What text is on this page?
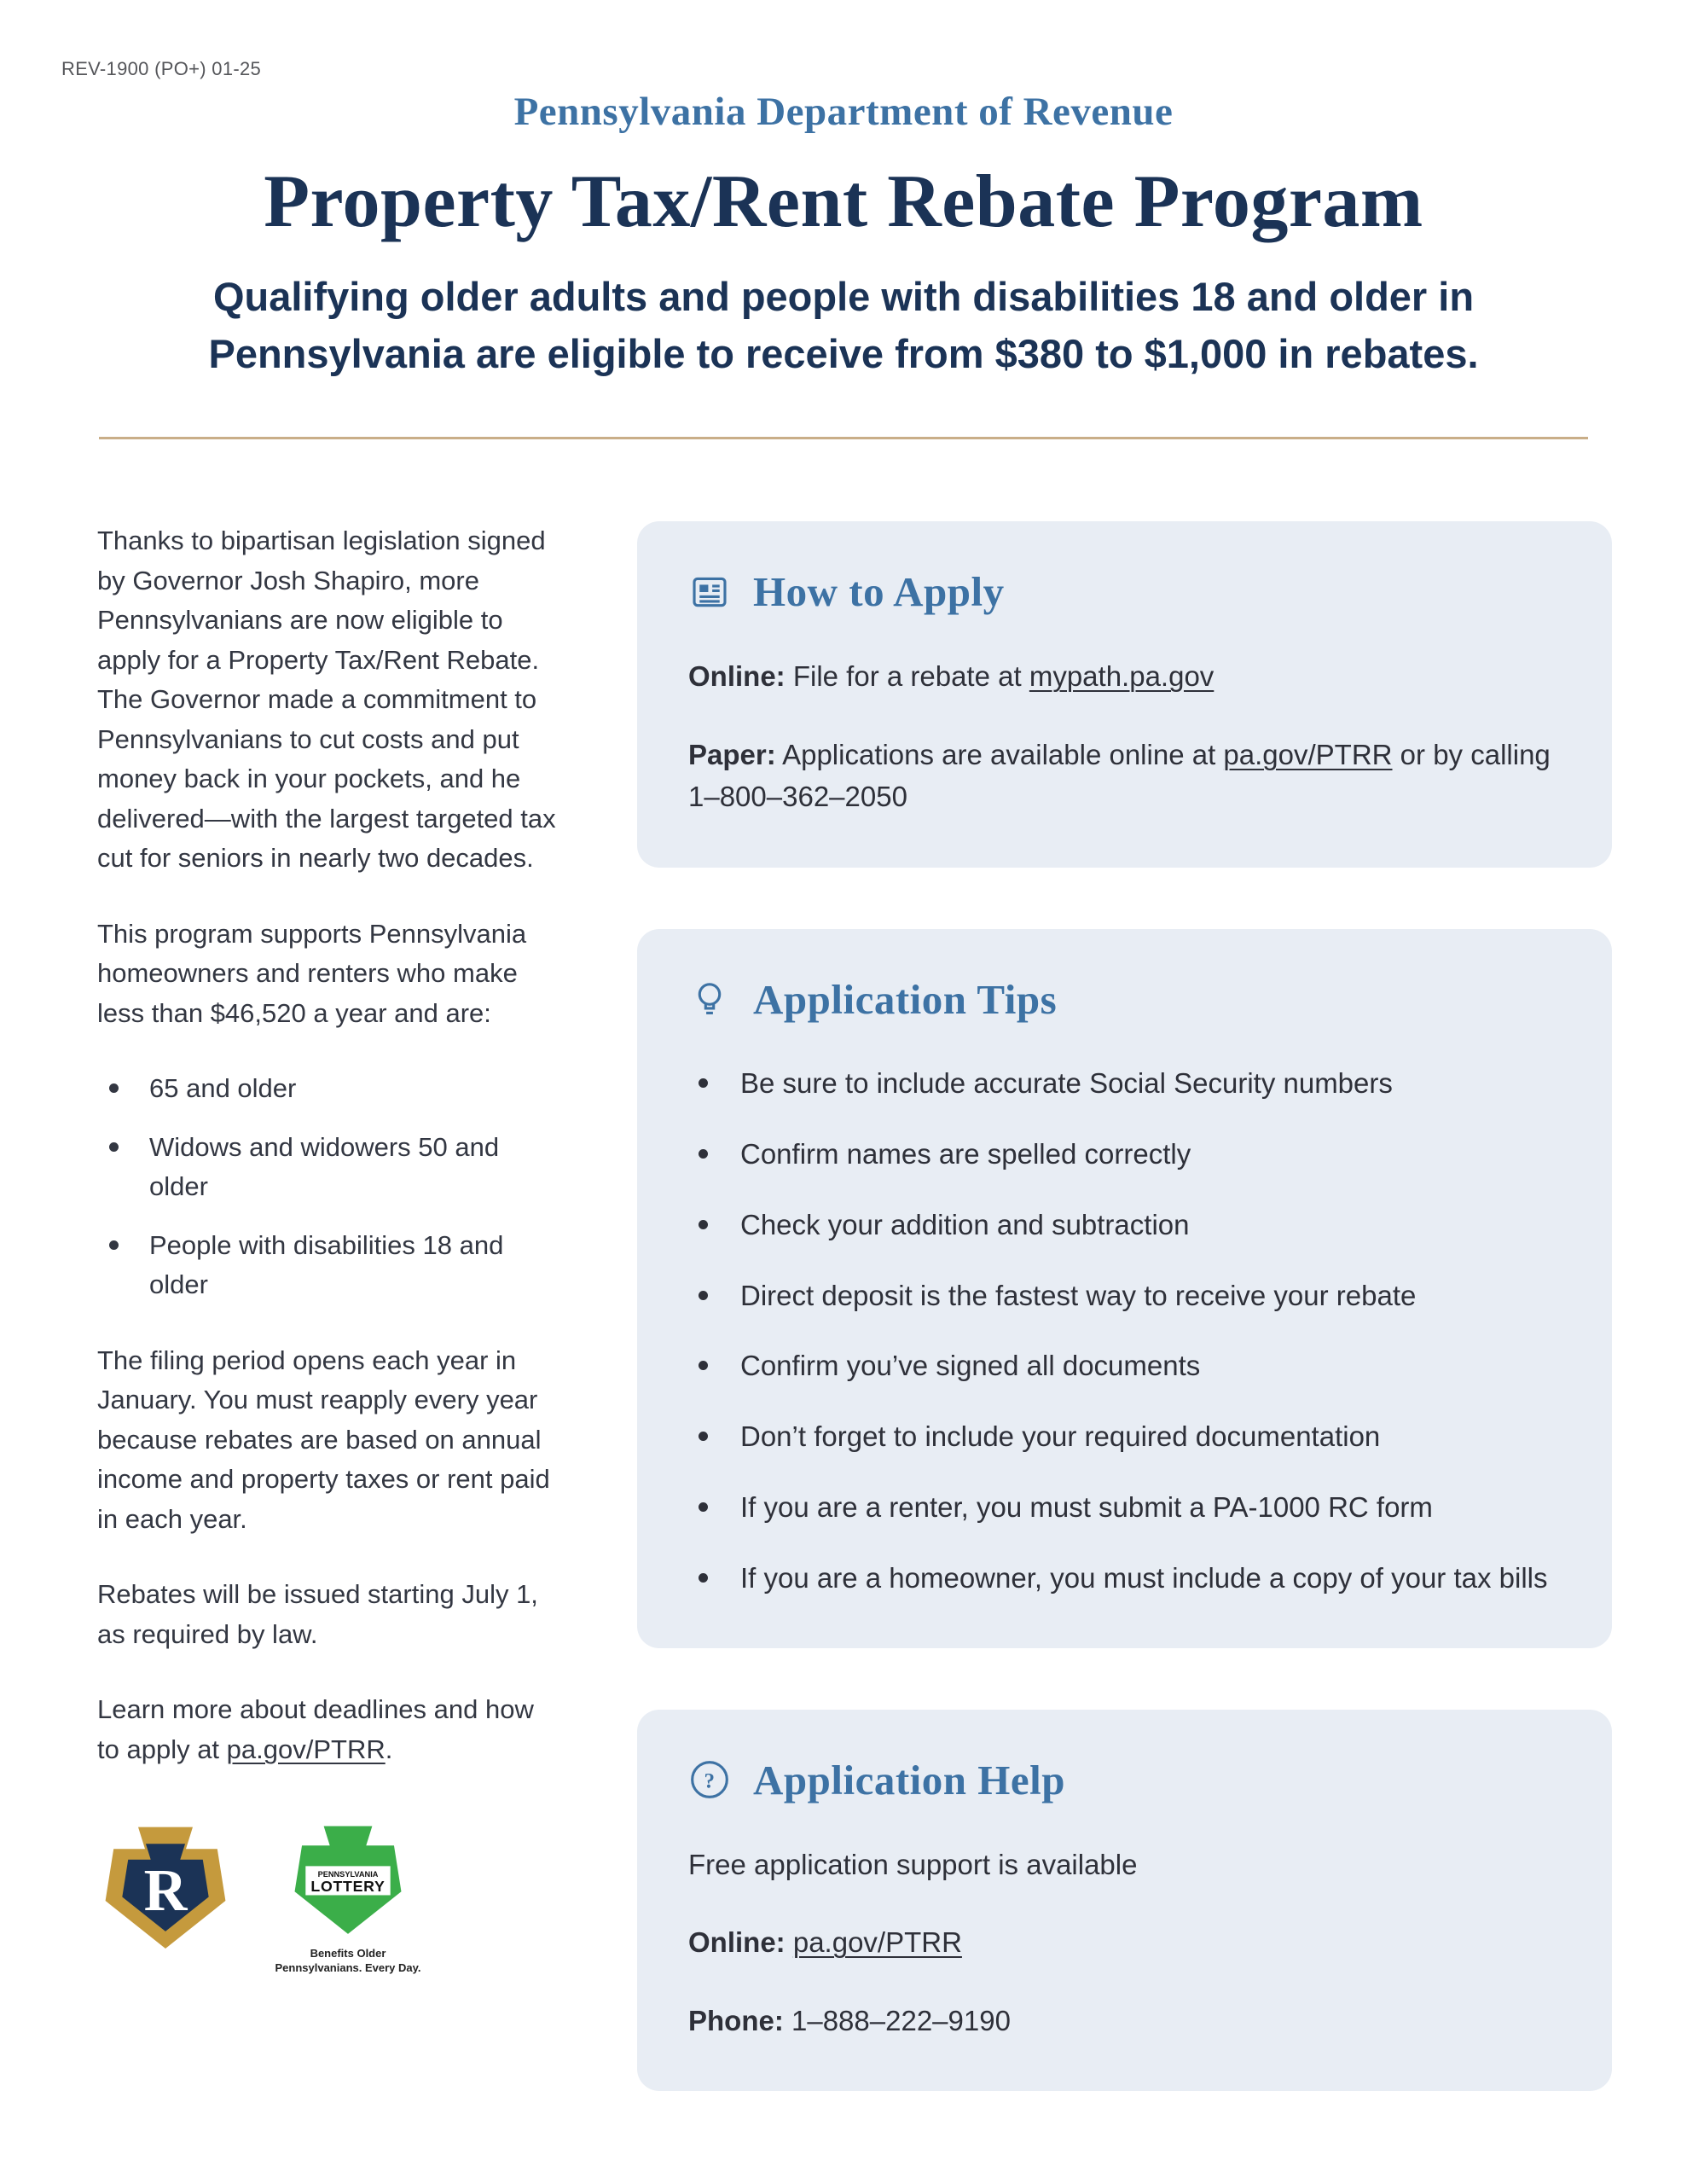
REV-1900 (PO+) 01-25
Pennsylvania Department of Revenue
Property Tax/Rent Rebate Program

Qualifying older adults and people with disabilities 18 and older in Pennsylvania are eligible to receive from $380 to $1,000 in rebates.

Thanks to bipartisan legislation signed by Governor Josh Shapiro, more Pennsylvanians are now eligible to apply for a Property Tax/Rent Rebate. The Governor made a commitment to Pennsylvanians to cut costs and put money back in your pockets, and he delivered—with the largest targeted tax cut for seniors in nearly two decades.

This program supports Pennsylvania homeowners and renters who make less than $46,520 a year and are:

65 and older
Widows and widowers 50 and older
People with disabilities 18 and older

The filing period opens each year in January. You must reapply every year because rebates are based on annual income and property taxes or rent paid in each year.

Rebates will be issued starting July 1, as required by law.

Learn more about deadlines and how to apply at pa.gov/PTRR.

R	PENNSYLVANIA
LOTTERY
Benefits Older Pennsylvanians. Every Day.
How to Apply

Online: File for a rebate at mypath.pa.gov

Paper: Applications are available online at pa.gov/PTRR or by calling 1–800–362–2050

Application Tips
Be sure to include accurate Social Security numbers
Confirm names are spelled correctly
Check your addition and subtraction
Direct deposit is the fastest way to receive your rebate
Confirm you’ve signed all documents
Don’t forget to include your required documentation
If you are a renter, you must submit a PA-1000 RC form
If you are a homeowner, you must include a copy of your tax bills
? Application Help

Free application support is available

Online: pa.gov/PTRR

Phone: 1–888–222–9190
